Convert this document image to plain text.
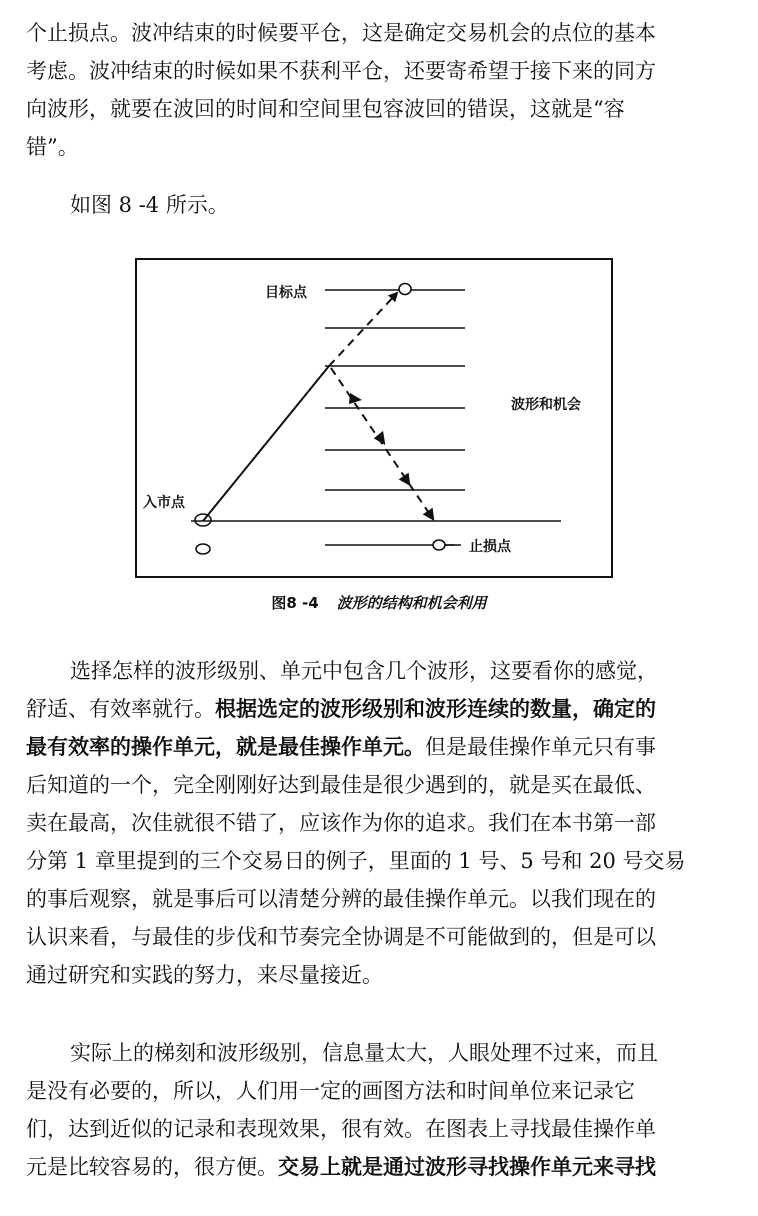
个止损点。波冲结束的时候要平仓，这是确定交易机会的点位的基本
考虑。波冲结束的时候如果不获利平仓，还要寄希望于接下来的同方
向波形，就要在波回的时间和空间里包容波回的错误，这就是“容
错”。
如图 8 -4 所示。
目标点
波形和机会
入市点
止损点
图8 -4 波形的结构和机会利用
选择怎样的波形级别、单元中包含几个波形，这要看你的感觉，
舒适、有效率就行。根据选定的波形级别和波形连续的数量，确定的
最有效率的操作单元，就是最佳操作单元。但是最佳操作单元只有事
后知道的一个，完全刚刚好达到最佳是很少遇到的，就是买在最低、
卖在最高，次佳就很不错了，应该作为你的追求。我们在本书第一部
分第 1 章里提到的三个交易日的例子，里面的 1 号、5 号和 20 号交易
的事后观察，就是事后可以清楚分辨的最佳操作单元。以我们现在的
认识来看，与最佳的步伐和节奏完全协调是不可能做到的，但是可以
通过研究和实践的努力，来尽量接近。
实际上的梯刻和波形级别，信息量太大，人眼处理不过来，而且
是没有必要的，所以，人们用一定的画图方法和时间单位来记录它
们，达到近似的记录和表现效果，很有效。在图表上寻找最佳操作单
元是比较容易的，很方便。交易上就是通过波形寻找操作单元来寻找
